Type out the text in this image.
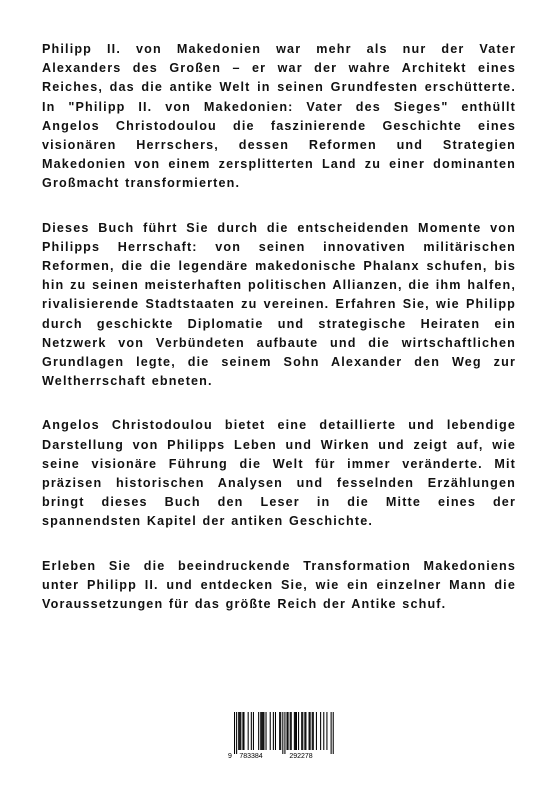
Philipp II. von Makedonien war mehr als nur der Vater Alexanders des Großen – er war der wahre Architekt eines Reiches, das die antike Welt in seinen Grundfesten erschütterte. In "Philipp II. von Makedonien: Vater des Sieges" enthüllt Angelos Christodoulou die faszinierende Geschichte eines visionären Herrschers, dessen Reformen und Strategien Makedonien von einem zersplitterten Land zu einer dominanten Großmacht transformierten.

Dieses Buch führt Sie durch die entscheidenden Momente von Philipps Herrschaft: von seinen innovativen militärischen Reformen, die die legendäre makedonische Phalanx schufen, bis hin zu seinen meisterhaften politischen Allianzen, die ihm halfen, rivalisierende Stadtstaaten zu vereinen. Erfahren Sie, wie Philipp durch geschickte Diplomatie und strategische Heiraten ein Netzwerk von Verbündeten aufbaute und die wirtschaftlichen Grundlagen legte, die seinem Sohn Alexander den Weg zur Weltherrschaft ebneten.

Angelos Christodoulou bietet eine detaillierte und lebendige Darstellung von Philipps Leben und Wirken und zeigt auf, wie seine visionäre Führung die Welt für immer veränderte. Mit präzisen historischen Analysen und fesselnden Erzählungen bringt dieses Buch den Leser in die Mitte eines der spannendsten Kapitel der antiken Geschichte.

Erleben Sie die beeindruckende Transformation Makedoniens unter Philipp II. und entdecken Sie, wie ein einzelner Mann die Voraussetzungen für das größte Reich der Antike schuf.

9 783384	292278
